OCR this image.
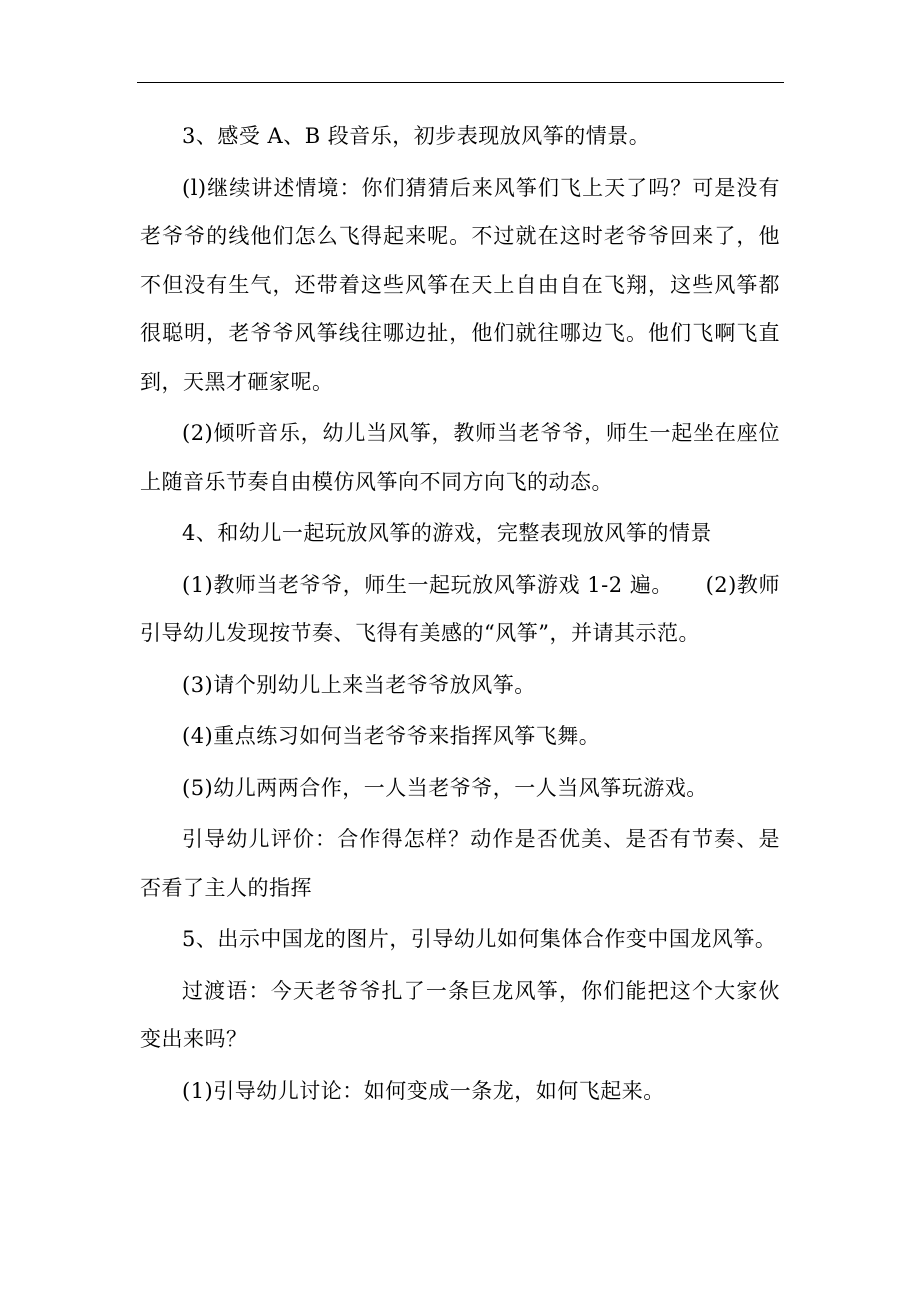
3、感受 A、B 段音乐，初步表现放风筝的情景。

(l)继续讲述情境：你们猜猜后来风筝们飞上天了吗？可是没有老爷爷的线他们怎么飞得起来呢。不过就在这时老爷爷回来了，他不但没有生气，还带着这些风筝在天上自由自在飞翔，这些风筝都很聪明，老爷爷风筝线往哪边扯，他们就往哪边飞。他们飞啊飞直到，天黑才砸家呢。

(2)倾听音乐，幼儿当风筝，教师当老爷爷，师生一起坐在座位上随音乐节奏自由模仿风筝向不同方向飞的动态。

4、和幼儿一起玩放风筝的游戏，完整表现放风筝的情景

(1)教师当老爷爷，师生一起玩放风筝游戏 1-2 遍。　　(2)教师引导幼儿发现按节奏、飞得有美感的“风筝”，并请其示范。

(3)请个别幼儿上来当老爷爷放风筝。

(4)重点练习如何当老爷爷来指挥风筝飞舞。

(5)幼儿两两合作，一人当老爷爷，一人当风筝玩游戏。

引导幼儿评价：合作得怎样？动作是否优美、是否有节奏、是否看了主人的指挥

5、出示中国龙的图片，引导幼儿如何集体合作变中国龙风筝。

过渡语：今天老爷爷扎了一条巨龙风筝，你们能把这个大家伙变出来吗？

(1)引导幼儿讨论：如何变成一条龙，如何飞起来。
